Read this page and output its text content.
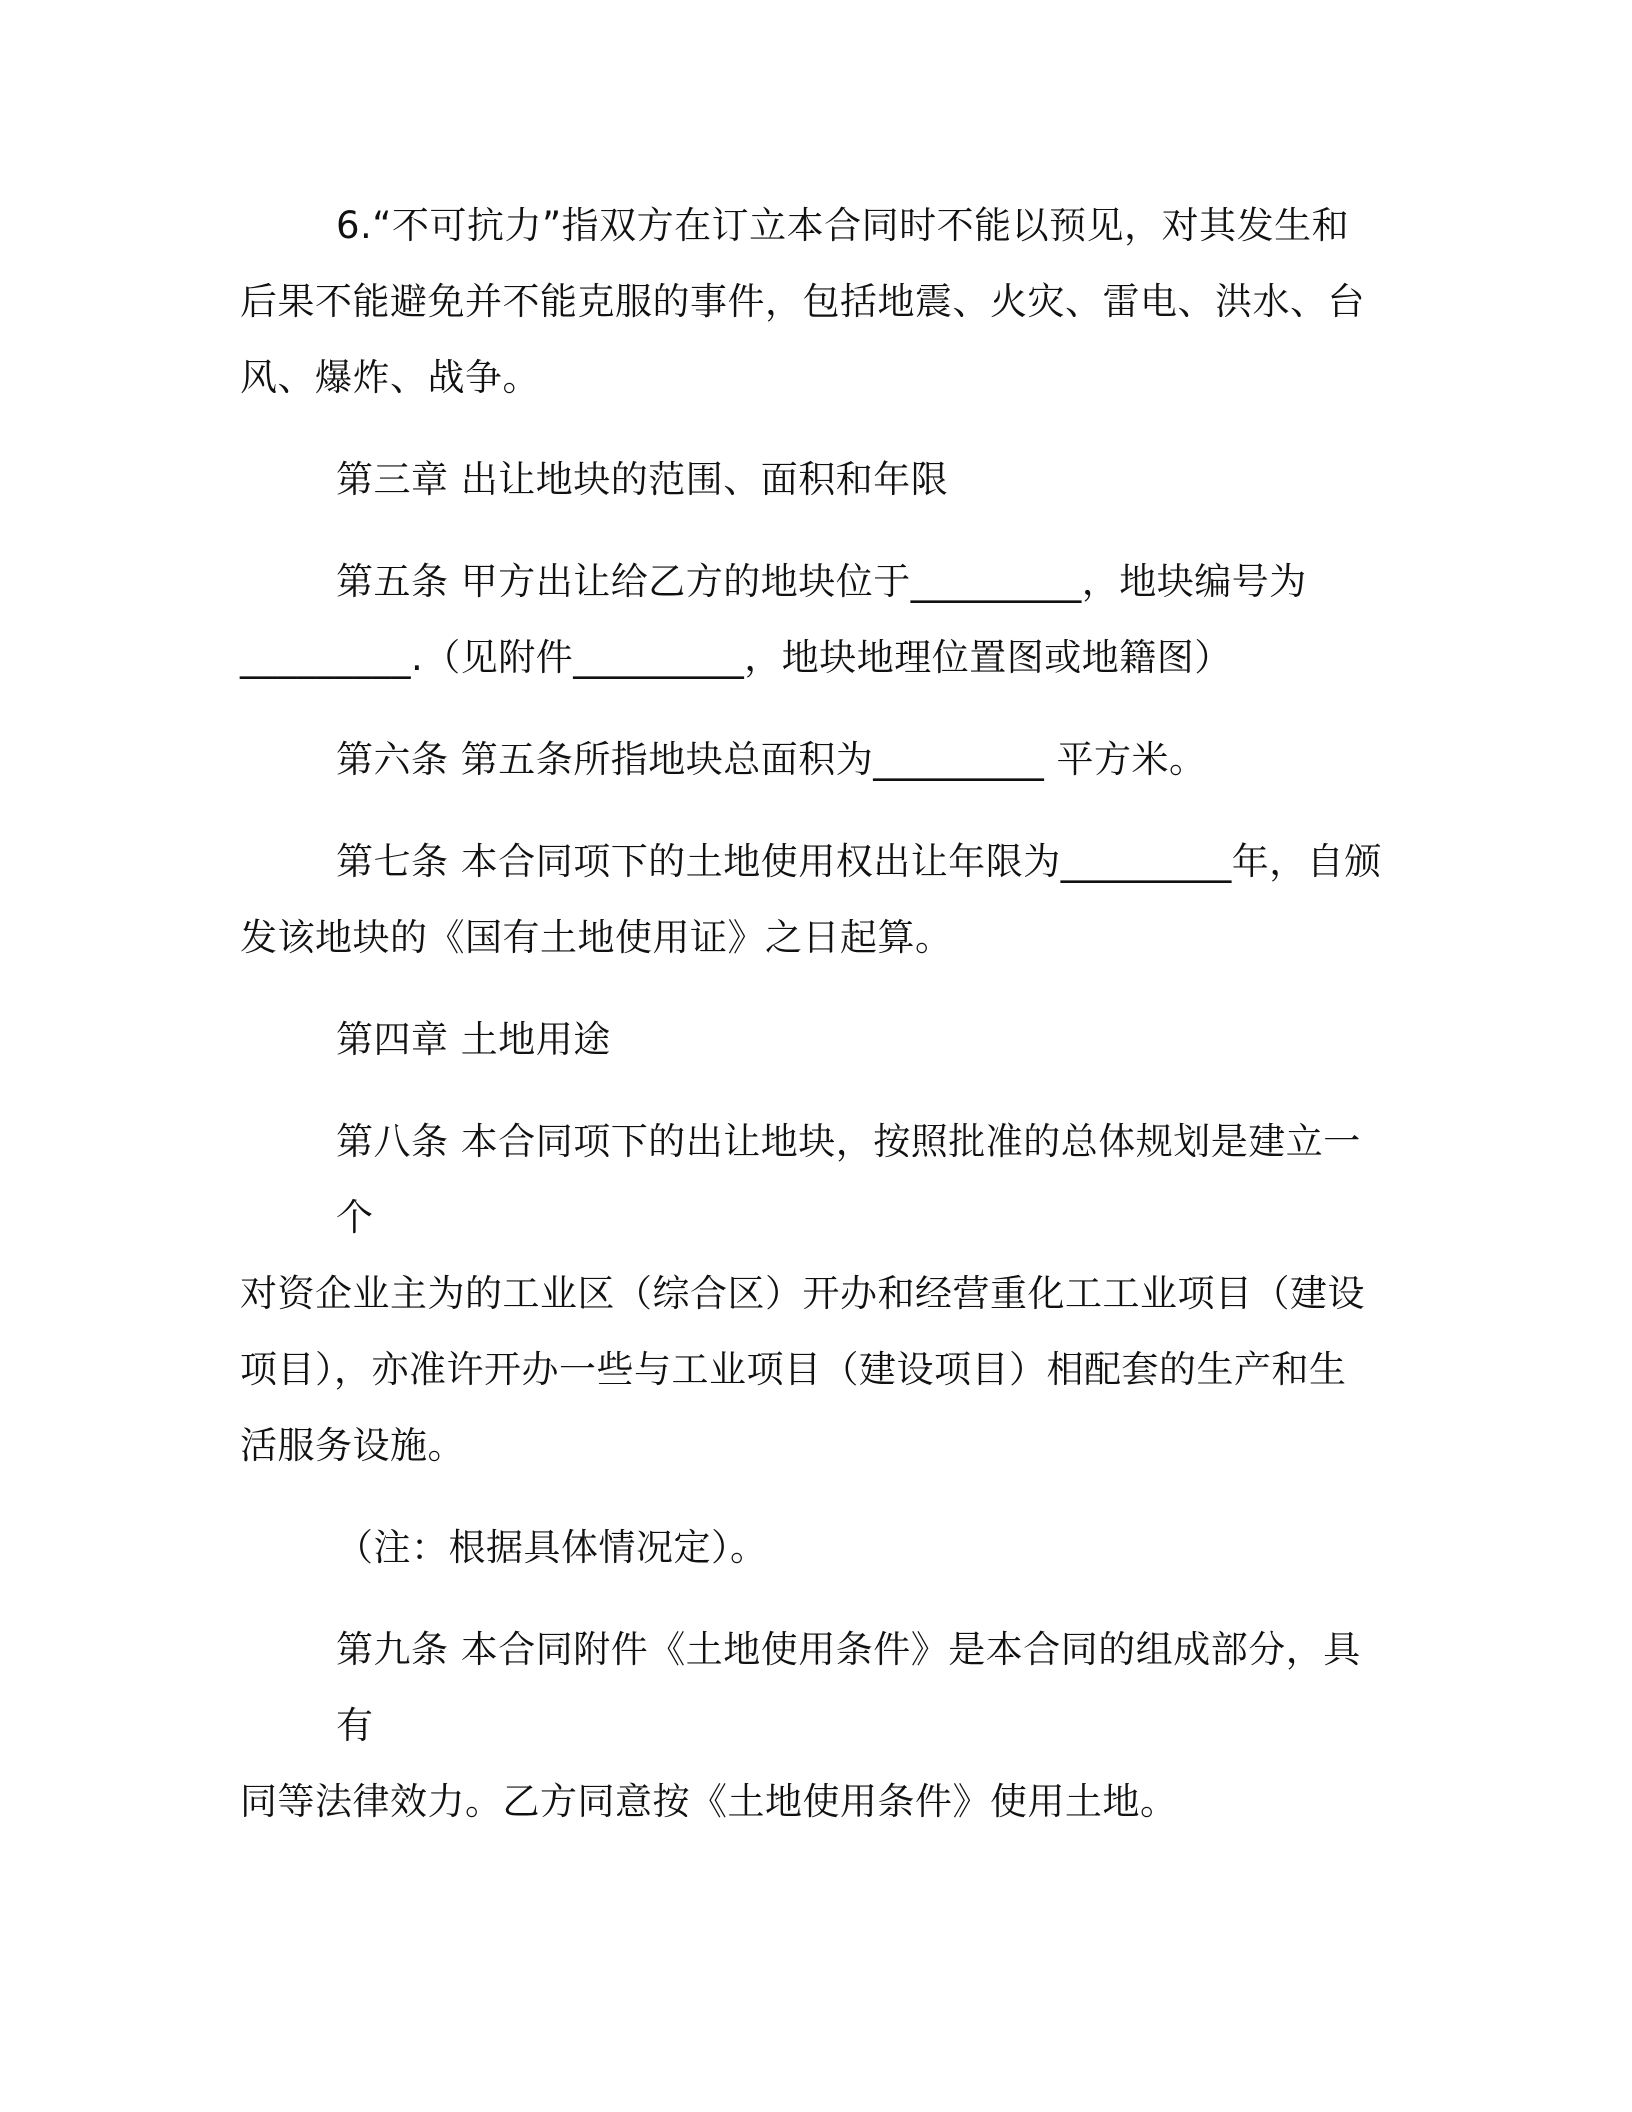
6.“不可抗力”指双方在订立本合同时不能以预见，对其发生和
后果不能避免并不能克服的事件，包括地震、火灾、雷电、洪水、台
风、爆炸、战争。

第三章 出让地块的范围、面积和年限

第五条 甲方出让给乙方的地块位于_________，地块编号为
_________.（见附件_________，地块地理位置图或地籍图）

第六条 第五条所指地块总面积为_________ 平方米。

第七条 本合同项下的土地使用权出让年限为_________年，自颁
发该地块的《国有土地使用证》之日起算。

第四章 土地用途

第八条 本合同项下的出让地块，按照批准的总体规划是建立一个
对资企业主为的工业区（综合区）开办和经营重化工工业项目（建设
项目），亦准许开办一些与工业项目（建设项目）相配套的生产和生
活服务设施。

（注：根据具体情况定）。

第九条 本合同附件《土地使用条件》是本合同的组成部分，具有
同等法律效力。乙方同意按《土地使用条件》使用土地。
